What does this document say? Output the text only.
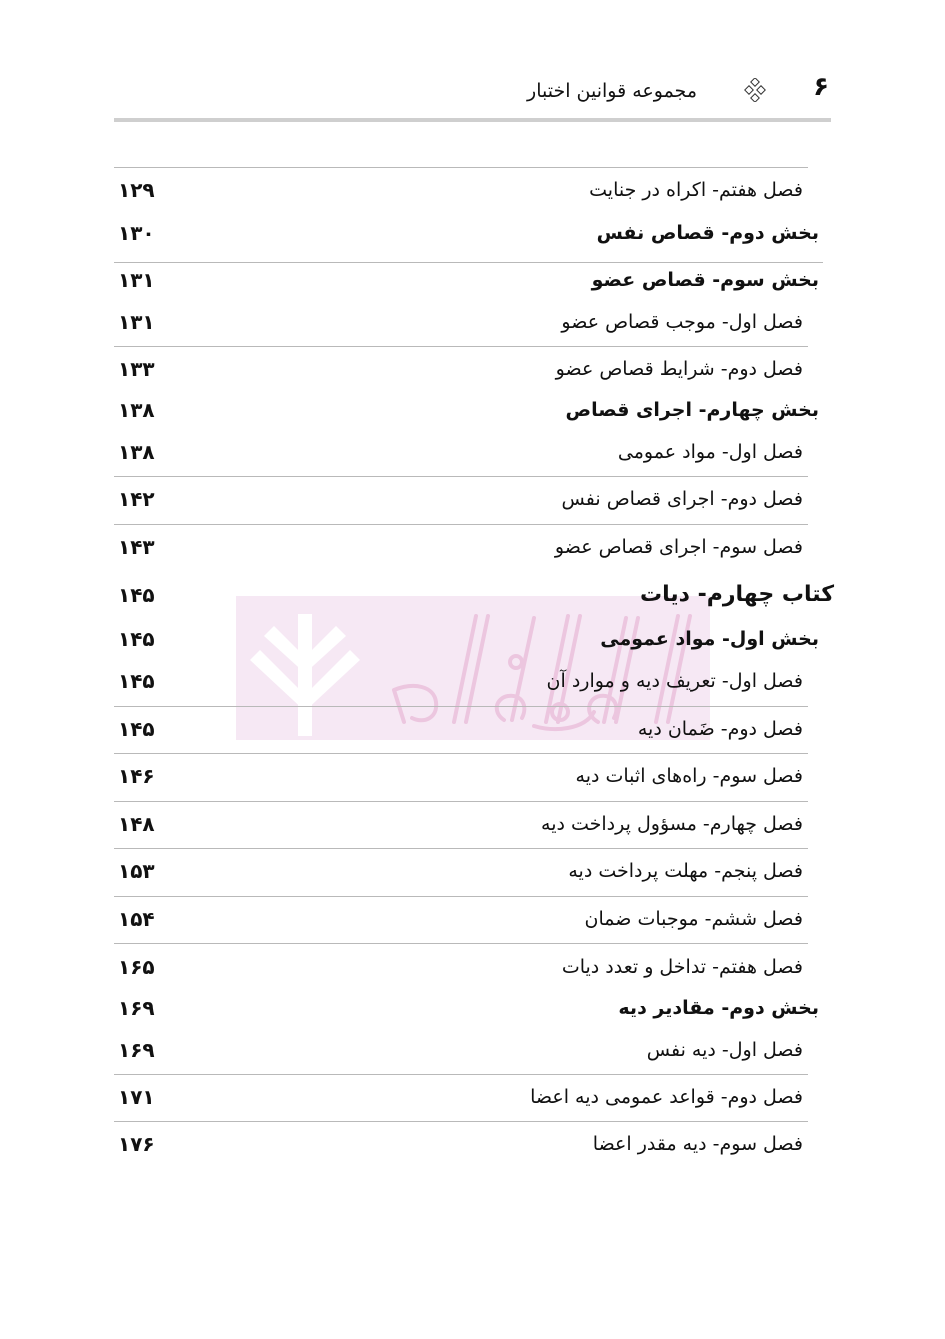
۶
مجموعه قوانین اختبار
فصل هفتم- اکراه در جنایت
۱۲۹
بخش دوم- قصاص نفس
۱۳۰
بخش سوم- قصاص عضو
۱۳۱
فصل اول- موجب قصاص عضو
۱۳۱
فصل دوم- شرایط قصاص عضو
۱۳۳
بخش چهارم- اجرای قصاص
۱۳۸
فصل اول- مواد عمومی
۱۳۸
فصل دوم- اجرای قصاص نفس
۱۴۲
فصل سوم- اجرای قصاص عضو
۱۴۳
کتاب چهارم- دیات
۱۴۵
بخش اول- مواد عمومی
۱۴۵
فصل اول- تعریف دیه و موارد آن
۱۴۵
فصل دوم- ضَمان دیه
۱۴۵
فصل سوم- راه‌های اثبات دیه
۱۴۶
فصل چهارم- مسؤول پرداخت دیه
۱۴۸
فصل پنجم- مهلت پرداخت دیه
۱۵۳
فصل ششم- موجبات ضمان
۱۵۴
فصل هفتم- تداخل و تعدد دیات
۱۶۵
بخش دوم- مقادیر دیه
۱۶۹
فصل اول- دیه نفس
۱۶۹
فصل دوم- قواعد عمومی دیه اعضا
۱۷۱
فصل سوم- دیه مقدر اعضا
۱۷۶
